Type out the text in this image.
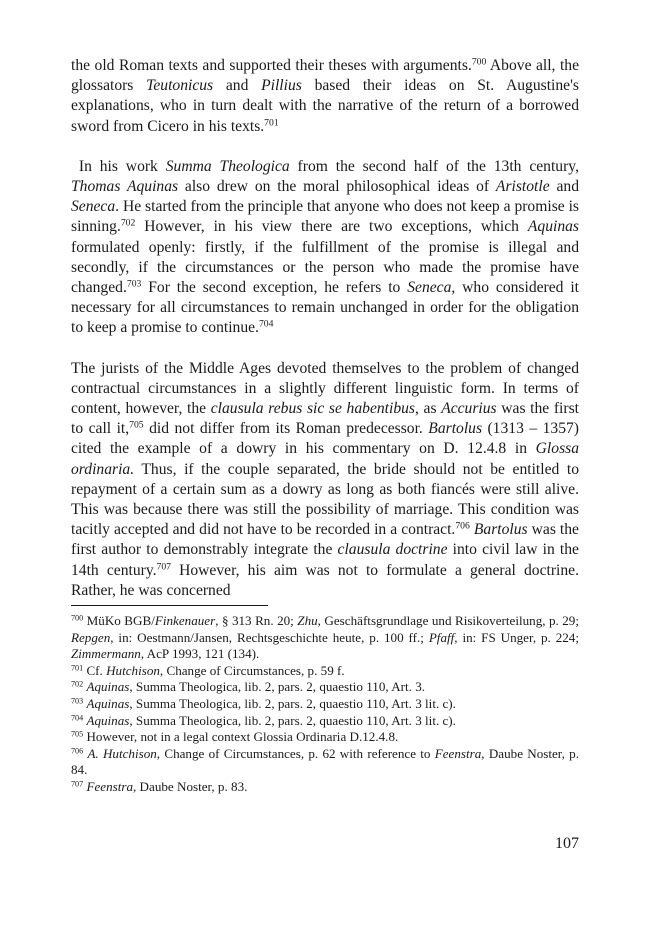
the old Roman texts and supported their theses with arguments.$^{700}$ Above all, the glossators Teutonicus and Pillius based their ideas on St. Augustine's explanations, who in turn dealt with the narrative of the return of a borrowed sword from Cicero in his texts.$^{701}$

In his work Summa Theologica from the second half of the 13th century, Thomas Aquinas also drew on the moral philosophical ideas of Aristotle and Seneca. He started from the principle that anyone who does not keep a promise is sinning.$^{702}$ However, in his view there are two exceptions, which Aquinas formulated openly: firstly, if the fulfillment of the promise is illegal and secondly, if the circumstances or the person who made the promise have changed.$^{703}$ For the second exception, he refers to Seneca, who considered it necessary for all circumstances to remain unchanged in order for the obligation to keep a promise to continue.$^{704}$

The jurists of the Middle Ages devoted themselves to the problem of changed contractual circumstances in a slightly different linguistic form. In terms of content, however, the clausula rebus sic se habentibus, as Accurius was the first to call it,$^{705}$ did not differ from its Roman predecessor. Bartolus (1313 – 1357) cited the example of a dowry in his commentary on D. 12.4.8 in Glossa ordinaria. Thus, if the couple separated, the bride should not be entitled to repayment of a certain sum as a dowry as long as both fiancés were still alive. This was because there was still the possibility of marriage. This condition was tacitly accepted and did not have to be recorded in a contract.$^{706}$ Bartolus was the first author to demonstrably integrate the clausula doctrine into civil law in the 14th century.$^{707}$ However, his aim was not to formulate a general doctrine. Rather, he was concerned

$^{700}$ MüKo BGB/Finkenauer, § 313 Rn. 20; Zhu, Geschäftsgrundlage und Risikoverteilung, p. 29; Repgen, in: Oestmann/Jansen, Rechtsgeschichte heute, p. 100 ff.; Pfaff, in: FS Unger, p. 224; Zimmermann, AcP 1993, 121 (134).

$^{701}$ Cf. Hutchison, Change of Circumstances, p. 59 f.

$^{702}$ Aquinas, Summa Theologica, lib. 2, pars. 2, quaestio 110, Art. 3.

$^{703}$ Aquinas, Summa Theologica, lib. 2, pars. 2, quaestio 110, Art. 3 lit. c).

$^{704}$ Aquinas, Summa Theologica, lib. 2, pars. 2, quaestio 110, Art. 3 lit. c).

$^{705}$ However, not in a legal context Glossia Ordinaria D.12.4.8.

$^{706}$ A. Hutchison, Change of Circumstances, p. 62 with reference to Feenstra, Daube Noster, p. 84.

$^{707}$ Feenstra, Daube Noster, p. 83.

107
